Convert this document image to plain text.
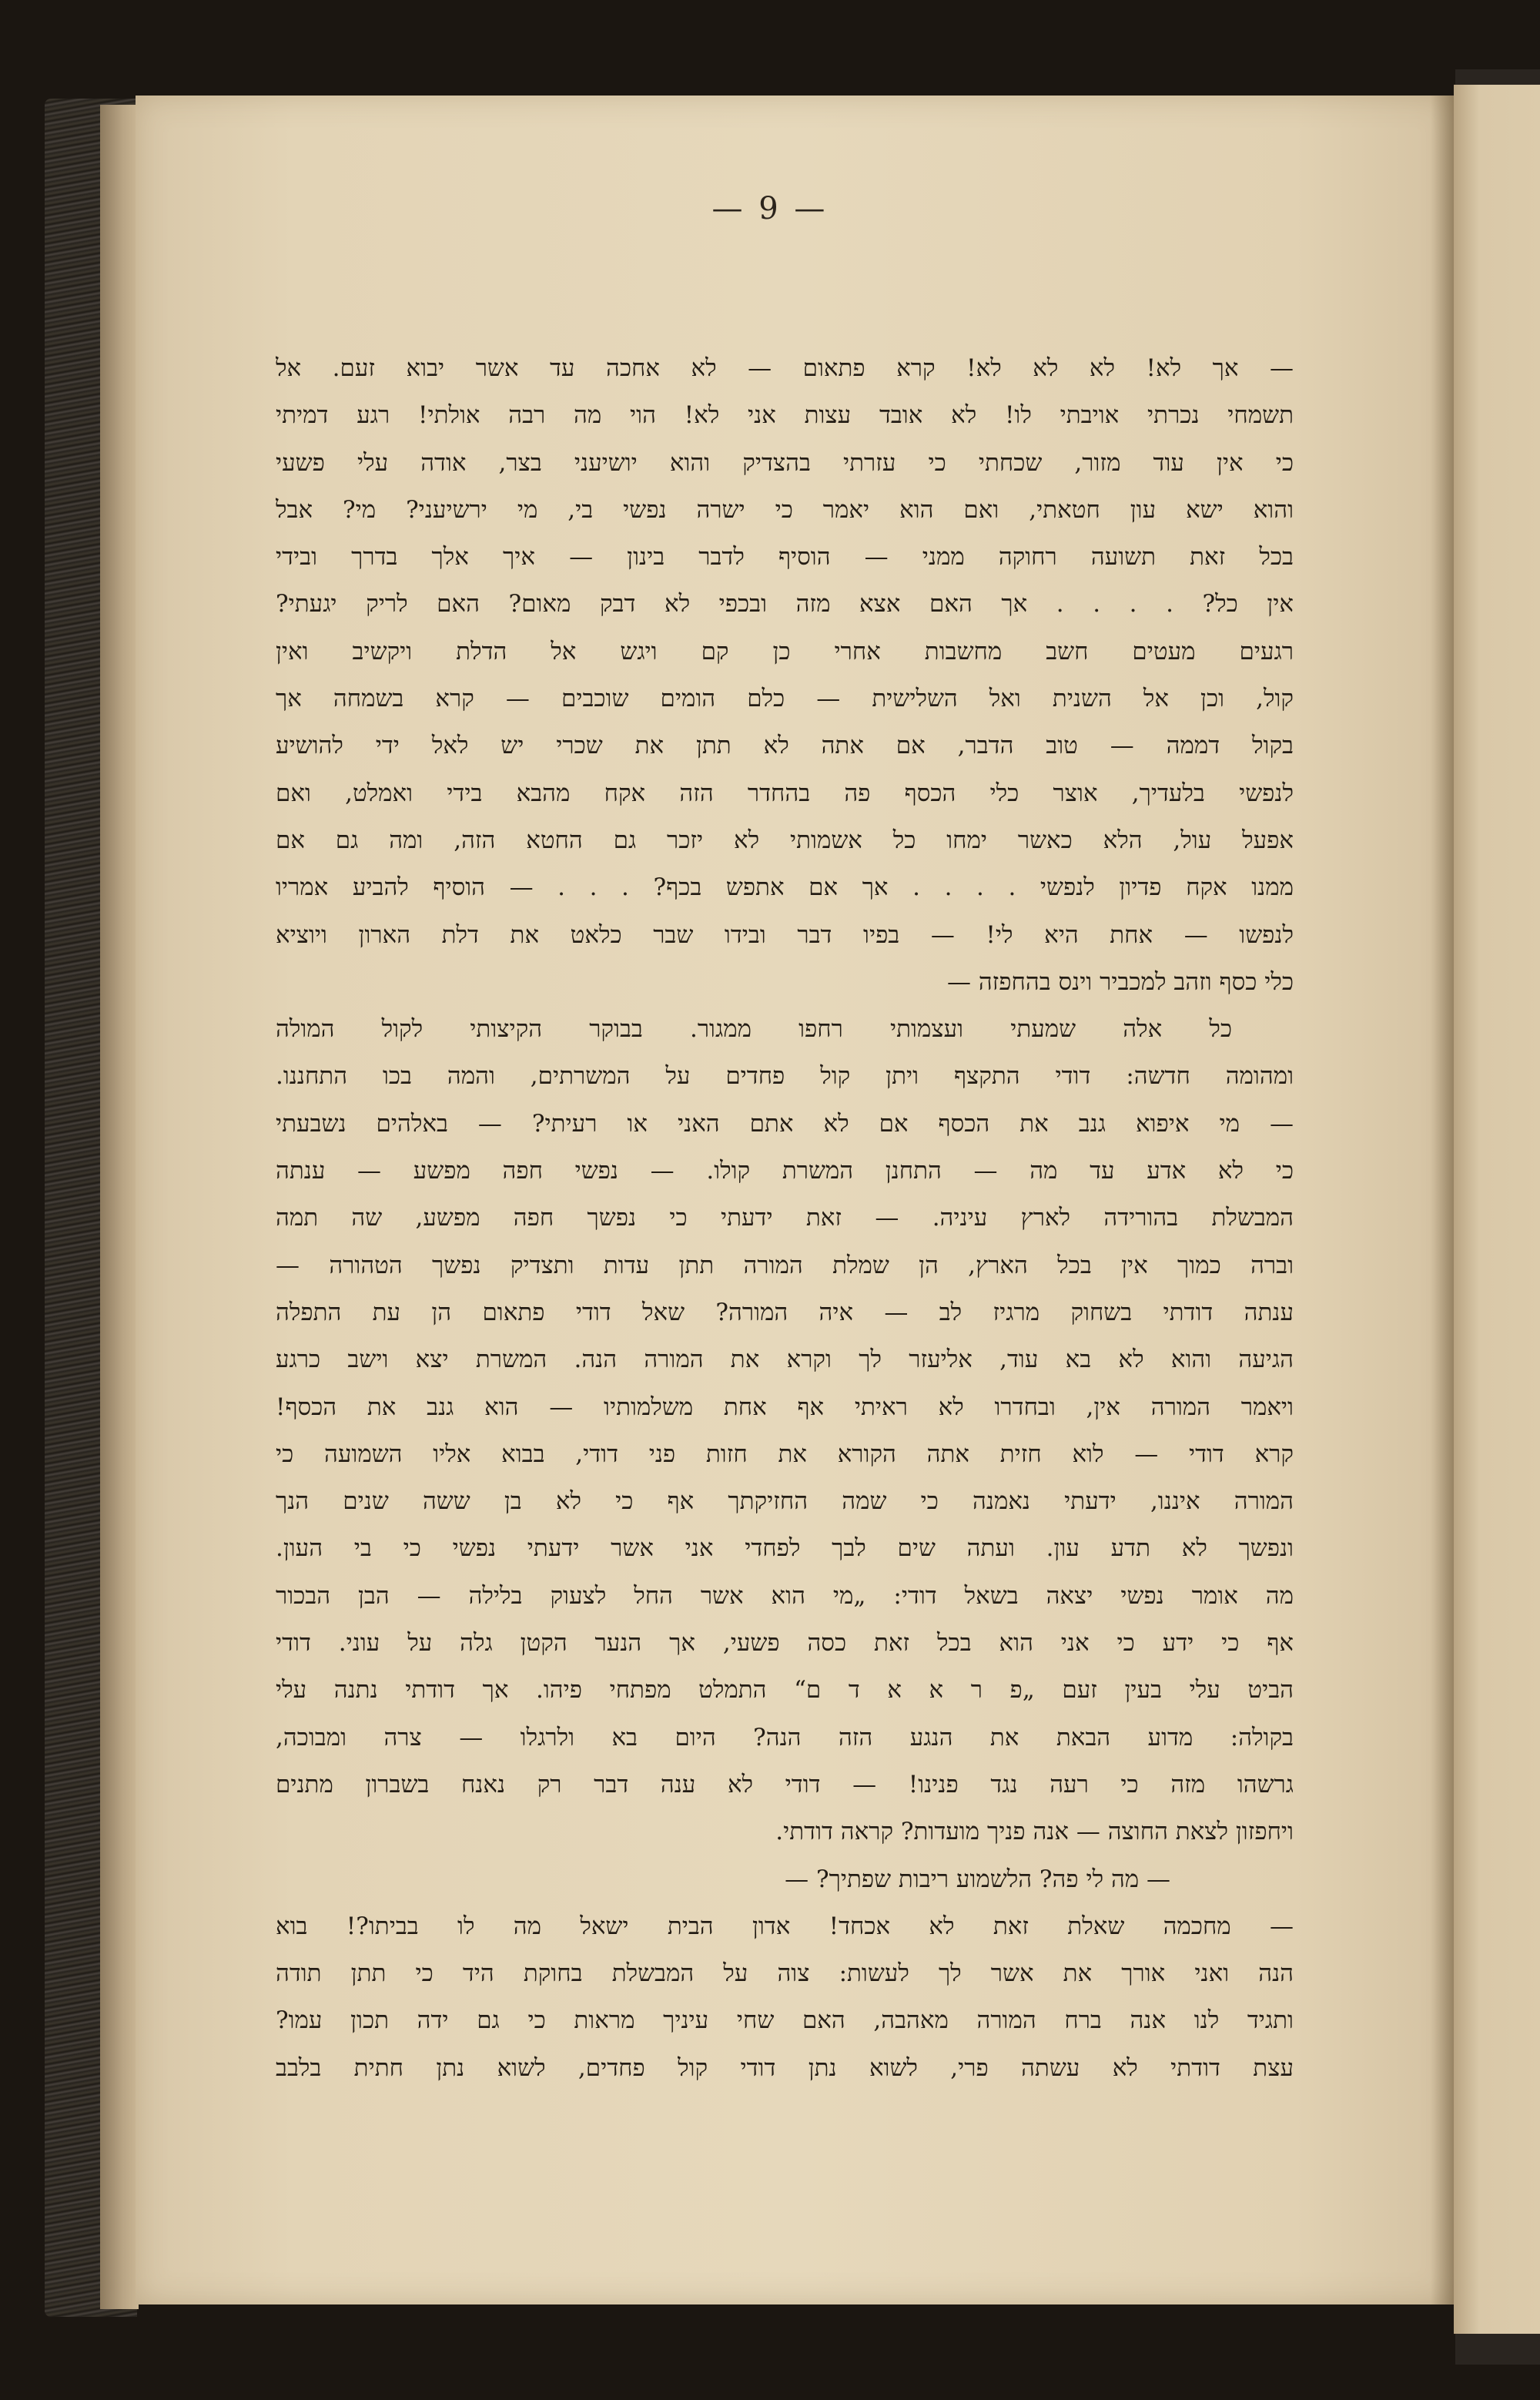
— 9 —
— אך לא! לא לא לא! קרא פתאום — לא אחכה עד אשר יבוא זעם. אל
תשמחי נכרתי אויבתי לו! לא אובד עצות אני לא! הוי מה רבה אולתי! רגע דמיתי
כי אין עוד מזור, שכחתי כי עזרתי בהצדיק והוא יושיעני בצר, אודה עלי פשעי
והוא ישא עון חטאתי, ואם הוא יאמר כי ישרה נפשי בי, מי ירשיעני? מי? אבל
בכל זאת תשועה רחוקה ממני — הוסיף לדבר בינון — איך אלך בדרך ובידי
אין כל? . . . . אך האם אצא מזה ובכפי לא דבק מאום? האם לריק יגעתי?
רגעים מעטים חשב מחשבות אחרי כן קם ויגש אל הדלת ויקשיב ואין
קול, וכן אל השנית ואל השלישית — כלם הומים שוכבים — קרא בשמחה אך
בקול דממה — טוב הדבר, אם אתה לא תתן את שכרי יש לאל ידי להושיע
לנפשי בלעדיך, אוצר כלי הכסף פה בהחדר הזה אקח מהבא בידי ואמלט, ואם
אפעל עול, הלא כאשר ימחו כל אשמותי לא יזכר גם החטא הזה, ומה גם אם
ממנו אקח פדיון לנפשי . . . . אך אם אתפש בכף? . . . — הוסיף להביע אמריו
לנפשו — אחת היא לי! — בפיו דבר ובידו שבר כלאט את דלת הארון ויוציא
כלי כסף וזהב למכביר וינס בהחפזה —
כל אלה שמעתי ועצמותי רחפו ממגור. בבוקר הקיצותי לקול המולה
ומהומה חדשה: דודי התקצף ויתן קול פחדים על המשרתים, והמה בכו התחננו.
— מי איפוא גנב את הכסף אם לא אתם האני או רעיתי? — באלהים נשבעתי
כי לא אדע עד מה — התחנן המשרת קולו. — נפשי חפה מפשע — ענתה
המבשלת בהורידה לארץ עיניה. — זאת ידעתי כי נפשך חפה מפשע, שה תמה
וברה כמוך אין בכל הארץ, הן שמלת המורה תתן עדות ותצדיק נפשך הטהורה —
ענתה דודתי בשחוק מרגיז לב — איה המורה? שאל דודי פתאום הן עת התפלה
הגיעה והוא לא בא עוד, אליעזר לך וקרא את המורה הנה. המשרת יצא וישב כרגע
ויאמר המורה אין, ובחדרו לא ראיתי אף אחת משלמותיו — הוא גנב את הכסף!
קרא דודי — לוא חזית אתה הקורא את חזות פני דודי, בבוא אליו השמועה כי
המורה איננו, ידעתי נאמנה כי שמה החזיקתך אף כי לא בן ששה שנים הנך
ונפשך לא תדע עון. ועתה שים לבך לפחדי אני אשר ידעתי נפשי כי בי העון.
מה אומר נפשי יצאה בשאל דודי: „מי הוא אשר החל לצעוק בלילה — הבן הבכור
אף כי ידע כי אני הוא בכל זאת כסה פשעי, אך הנער הקטן גלה על עוני. דודי
הביט עלי בעין זעם „פ ר א א ד ם“ התמלט מפתחי פיהו. אך דודתי נתנה עלי
בקולה: מדוע הבאת את הנגע הזה הנה? היום בא ולרגלו — צרה ומבוכה,
גרשהו מזה כי רעה נגד פנינו! — דודי לא ענה דבר רק נאנח בשברון מתנים
ויחפזון לצאת החוצה — אנה פניך מועדות? קראה דודתי.
— מה לי פה? הלשמוע ריבות שפתיך? —
— מחכמה שאלת זאת לא אכחד! אדון הבית ישאל מה לו בביתו?! בוא
הנה ואני אורך את אשר לך לעשות: צוה על המבשלת בחוקת היד כי תתן תודה
ותגיד לנו אנה ברח המורה מאהבה, האם שחי עיניך מראות כי גם ידה תכון עמו?
עצת דודתי לא עשתה פרי, לשוא נתן דודי קול פחדים, לשוא נתן חתית בלבב
